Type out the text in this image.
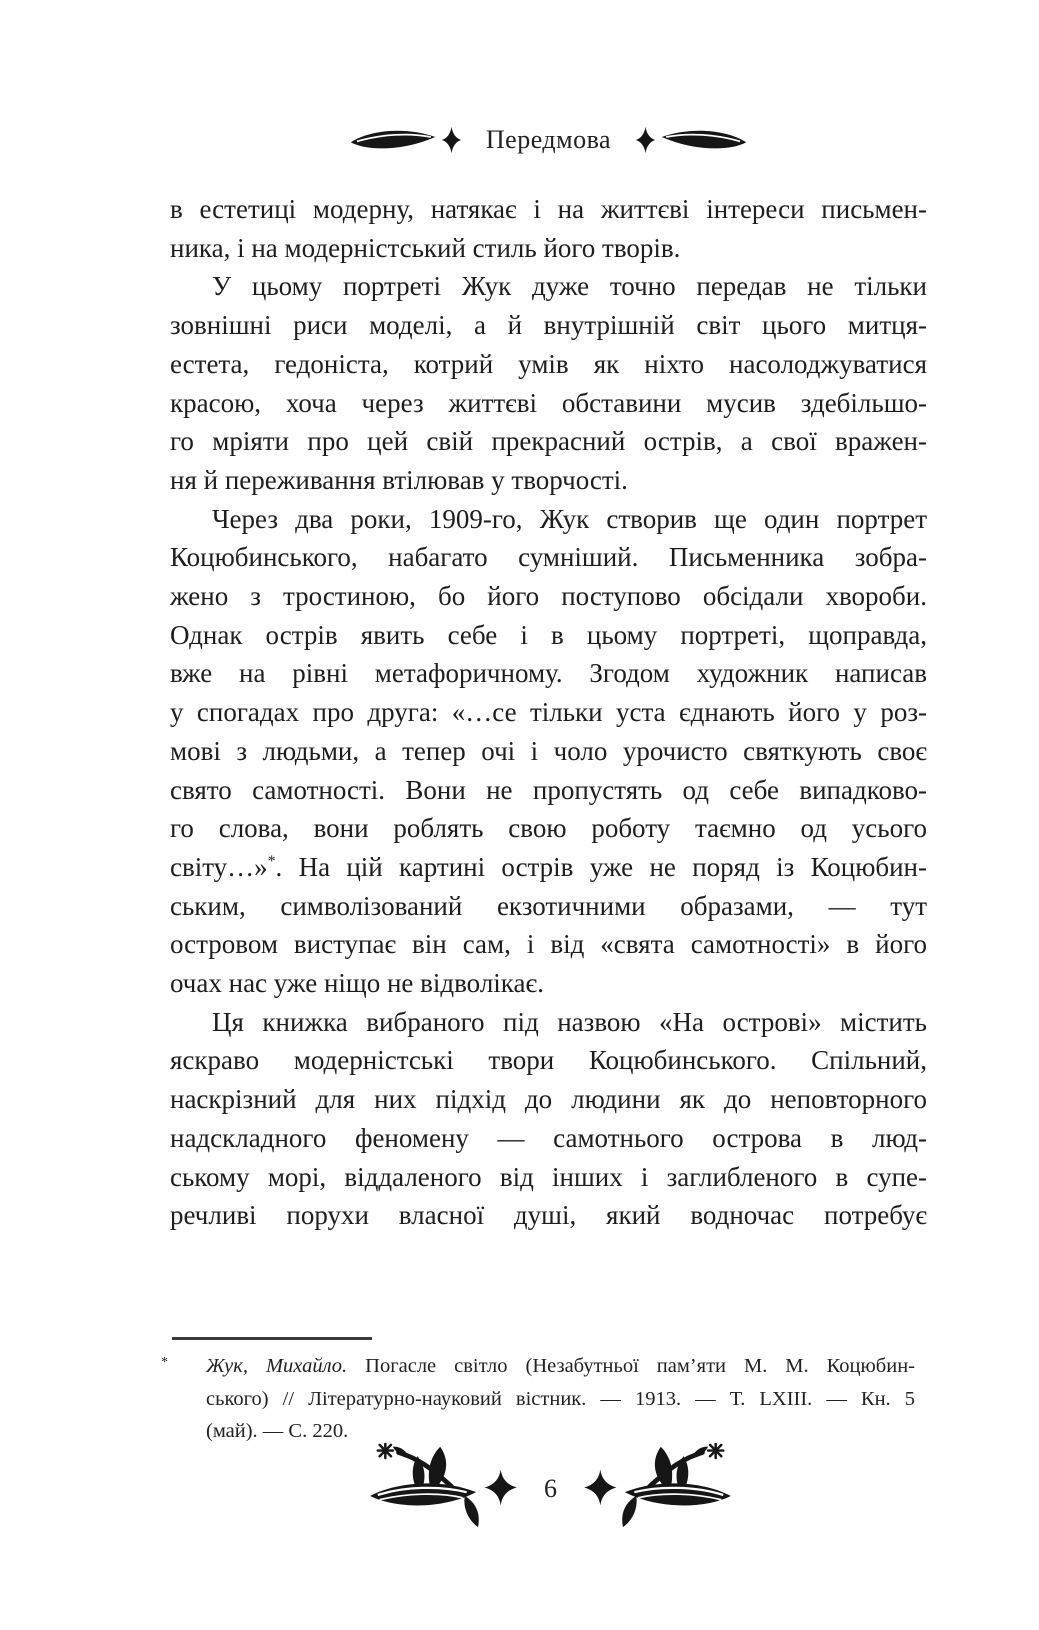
Передмова
в естетиці модерну, натякає і на життєві інтереси письмен-
ника, і на модерністський стиль його творів.
У цьому портреті Жук дуже точно передав не тільки
зовнішні риси моделі, а й внутрішній світ цього митця-
естета, гедоніста, котрий умів як ніхто насолоджуватися
красою, хоча через життєві обставини мусив здебільшо-
го мріяти про цей свій прекрасний острів, а свої вражен-
ня й переживання втілював у творчості.
Через два роки, 1909-го, Жук створив ще один портрет
Коцюбинського, набагато сумніший. Письменника зобра-
жено з тростиною, бо його поступово обсідали хвороби.
Однак острів явить себе і в цьому портреті, щоправда,
вже на рівні метафоричному. Згодом художник написав
у спогадах про друга: «…се тільки уста єднають його у роз-
мові з людьми, а тепер очі і чоло урочисто святкують своє
свято самотності. Вони не пропустять од себе випадково-
го слова, вони роблять свою роботу таємно од усього
світу…»*. На цій картині острів уже не поряд із Коцюбин-
ським, символізований екзотичними образами, — тут
островом виступає він сам, і від «свята самотності» в його
очах нас уже ніщо не відволікає.
Ця книжка вибраного під назвою «На острові» містить
яскраво модерністські твори Коцюбинського. Спільний,
наскрізний для них підхід до людини як до неповторного
надскладного феномену — самотнього острова в люд-
ському морі, віддаленого від інших і заглибленого в супе-
речливі порухи власної душі, який водночас потребує
*	Жук, Михайло. Погасле світло (Незабутньої пам’яти М. М. Коцюбин-
ського) // Літературно-науковий вістник. — 1913. — Т. LXIII. — Кн. 5
(май). — С. 220.
6
